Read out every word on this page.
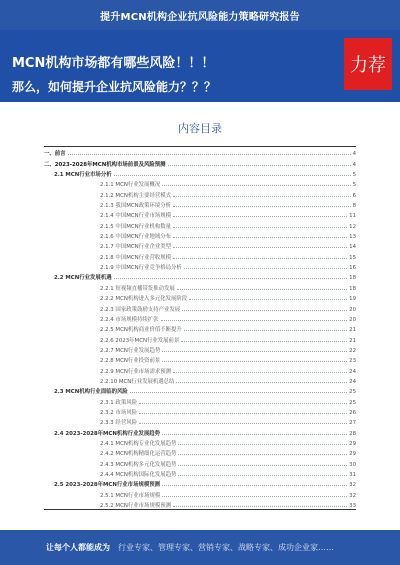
提升MCN机构企业抗风险能力策略研究报告
MCN机构市场都有哪些风险！！！
那么，如何提升企业抗风险能力？？？
力荐
内容目录
一、前言	4
二、2023-2028年MCN机构市场前景及风险预测	4
2.1 MCN行业市场分析	5
2.1.1 MCN行业发展概况	5
2.1.2 MCN机构主要经营模式	6
2.1.3 我国MCN政策环境分析	8
2.1.4 中国MCN行业市场规模	11
2.1.5 中国MCN行业机构数量	12
2.1.6 中国MCN行业地域分布	13
2.1.7 中国MCN行业企业类型	14
2.1.8 中国MCN行业营收规模	15
2.1.9 中国MCN行业竞争格局分析	16
2.2 MCN行业发展机遇	18
2.2.1 短视频直播带货推动发展	18
2.2.2 MCN机构进入多元化发展阶段	19
2.2.3 国家政策鼓励支持产业发展	20
2.2.4 市场规模持续扩张	20
2.2.5 MCN机构商业价值不断提升	21
2.2.6 2023年MCN行业发展前景	21
2.2.7 MCN行业发展趋势	22
2.2.8 MCN行业投资前景	23
2.2.9 MCN行业市场需求预测	24
2.2.10 MCN行业发展机遇总结	24
2.3 MCN机构行业面临的风险	25
2.3.1 政策风险	25
2.3.2 市场风险	26
2.3.3 经营风险	27
2.4 2023-2028年MCN机构行业发展趋势	28
2.4.1 MCN机构专业化发展趋势	29
2.4.2 MCN机构精细化运营趋势	29
2.4.3 MCN机构多元化发展趋势	30
2.4.4 MCN机构国际化发展趋势	31
2.5 2023-2028年MCN行业市场规模预测	32
2.5.1 MCN行业市场规模	32
2.5.2 MCN行业市场规模预测	33
让每个人都能成为 行业专家、管理专家、营销专家、战略专家、成功企业家……
